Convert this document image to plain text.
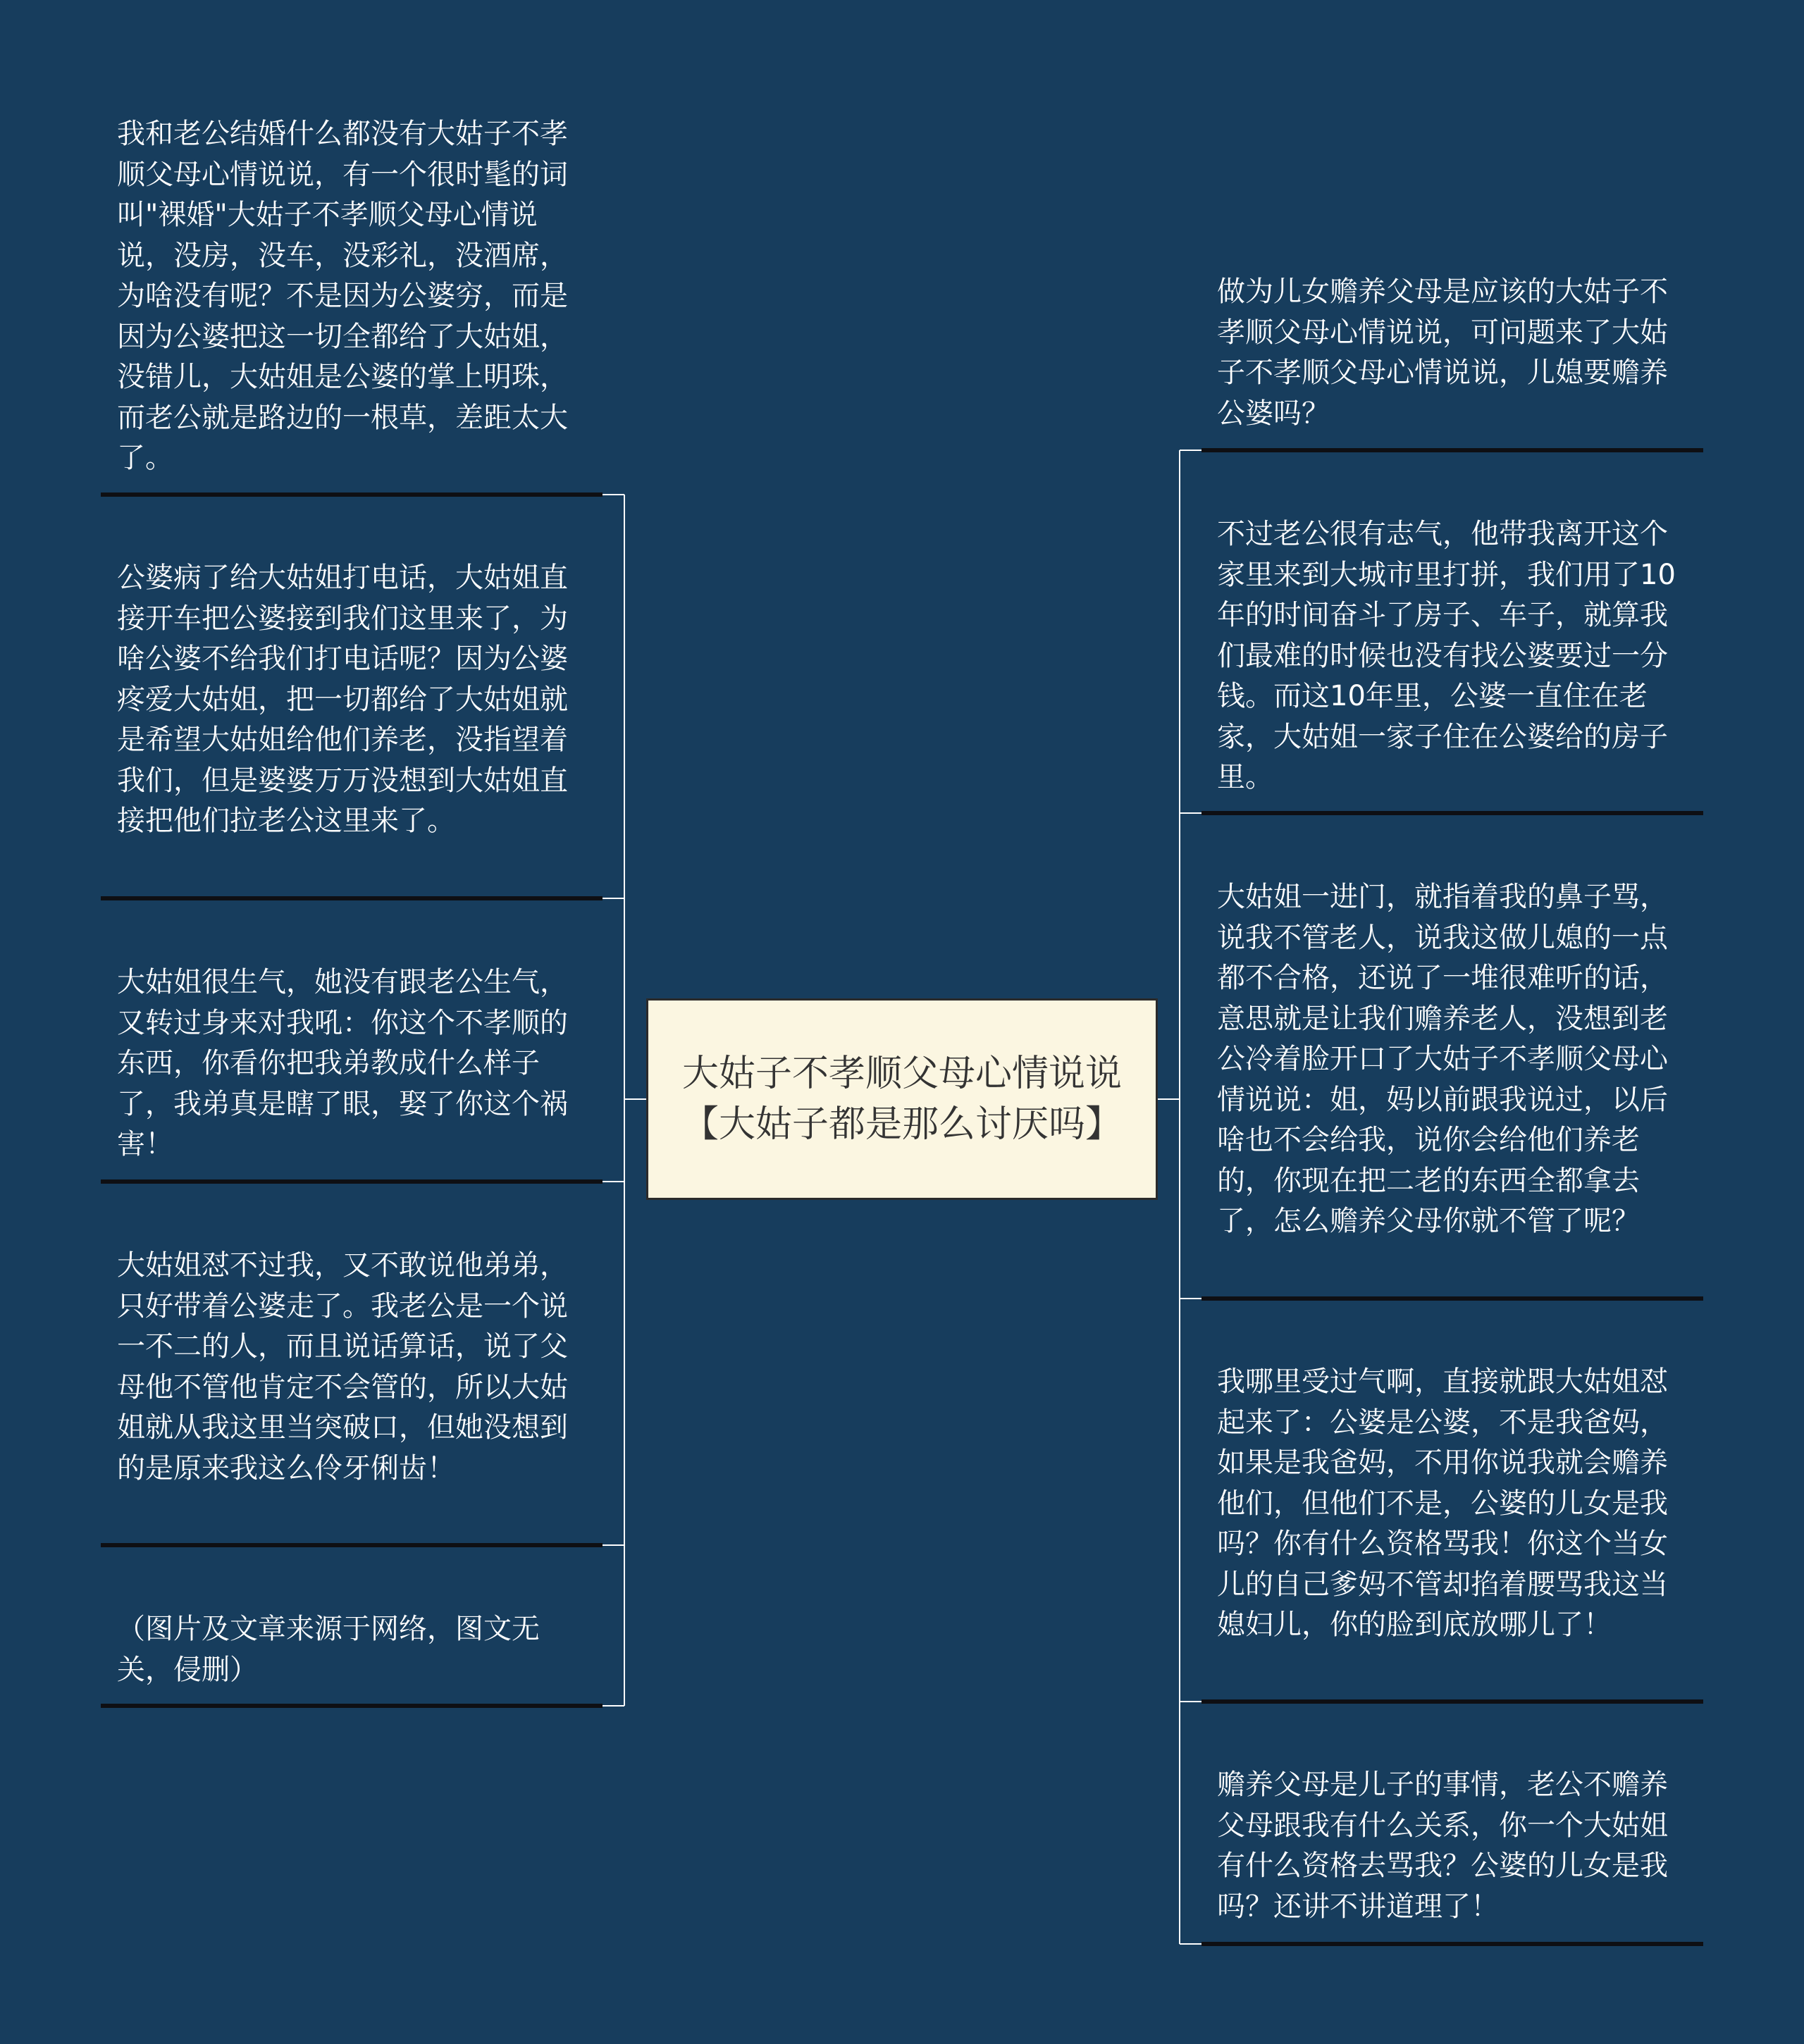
大姑子不孝顺父母心情说说【大姑子都是那么讨厌吗】
我和老公结婚什么都没有大姑子不孝顺父母心情说说，有一个很时髦的词叫"裸婚"大姑子不孝顺父母心情说说，没房，没车，没彩礼，没酒席，为啥没有呢？不是因为公婆穷，而是因为公婆把这一切全都给了大姑姐，没错儿，大姑姐是公婆的掌上明珠，而老公就是路边的一根草，差距太大了。
公婆病了给大姑姐打电话，大姑姐直接开车把公婆接到我们这里来了，为啥公婆不给我们打电话呢？因为公婆疼爱大姑姐，把一切都给了大姑姐就是希望大姑姐给他们养老，没指望着我们，但是婆婆万万没想到大姑姐直接把他们拉老公这里来了。
大姑姐很生气，她没有跟老公生气，又转过身来对我吼：你这个不孝顺的东西，你看你把我弟教成什么样子了，我弟真是瞎了眼，娶了你这个祸害！
大姑姐怼不过我，又不敢说他弟弟，只好带着公婆走了。我老公是一个说一不二的人，而且说话算话，说了父母他不管他肯定不会管的，所以大姑姐就从我这里当突破口，但她没想到的是原来我这么伶牙俐齿！
（图片及文章来源于网络，图文无关，侵删）
做为儿女赡养父母是应该的大姑子不孝顺父母心情说说，可问题来了大姑子不孝顺父母心情说说，儿媳要赡养公婆吗？
不过老公很有志气，他带我离开这个家里来到大城市里打拼，我们用了10年的时间奋斗了房子、车子，就算我们最难的时候也没有找公婆要过一分钱。而这10年里，公婆一直住在老家，大姑姐一家子住在公婆给的房子里。
大姑姐一进门，就指着我的鼻子骂，说我不管老人，说我这做儿媳的一点都不合格，还说了一堆很难听的话，意思就是让我们赡养老人，没想到老公冷着脸开口了大姑子不孝顺父母心情说说：姐，妈以前跟我说过，以后啥也不会给我，说你会给他们养老的，你现在把二老的东西全都拿去了，怎么赡养父母你就不管了呢？
我哪里受过气啊，直接就跟大姑姐怼起来了：公婆是公婆，不是我爸妈，如果是我爸妈，不用你说我就会赡养他们，但他们不是，公婆的儿女是我吗？你有什么资格骂我！你这个当女儿的自己爹妈不管却掐着腰骂我这当媳妇儿，你的脸到底放哪儿了！
赡养父母是儿子的事情，老公不赡养父母跟我有什么关系，你一个大姑姐有什么资格去骂我？公婆的儿女是我吗？还讲不讲道理了！
